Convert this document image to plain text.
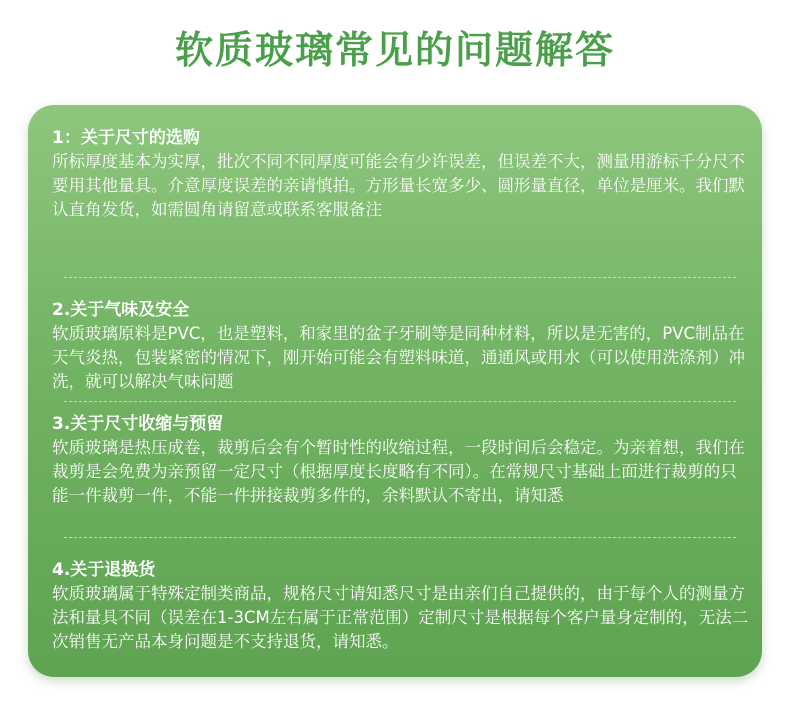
软质玻璃常见的问题解答
1：关于尺寸的选购
所标厚度基本为实厚，批次不同不同厚度可能会有少许误差，但误差不大，测量用游标千分尺不要用其他量具。介意厚度误差的亲请慎拍。方形量长宽多少、圆形量直径，单位是厘米。我们默认直角发货，如需圆角请留意或联系客服备注
2.关于气味及安全
软质玻璃原料是PVC，也是塑料，和家里的盆子牙刷等是同种材料，所以是无害的，PVC制品在天气炎热，包装紧密的情况下，刚开始可能会有塑料味道，通通风或用水（可以使用洗涤剂）冲洗，就可以解决气味问题
3.关于尺寸收缩与预留
软质玻璃是热压成卷，裁剪后会有个暂时性的收缩过程，一段时间后会稳定。为亲着想，我们在裁剪是会免费为亲预留一定尺寸（根据厚度长度略有不同）。在常规尺寸基础上面进行裁剪的只能一件裁剪一件，不能一件拼接裁剪多件的，余料默认不寄出，请知悉
4.关于退换货
软质玻璃属于特殊定制类商品，规格尺寸请知悉尺寸是由亲们自己提供的，由于每个人的测量方法和量具不同（误差在1-3CM左右属于正常范围）定制尺寸是根据每个客户量身定制的，无法二次销售无产品本身问题是不支持退货，请知悉。
